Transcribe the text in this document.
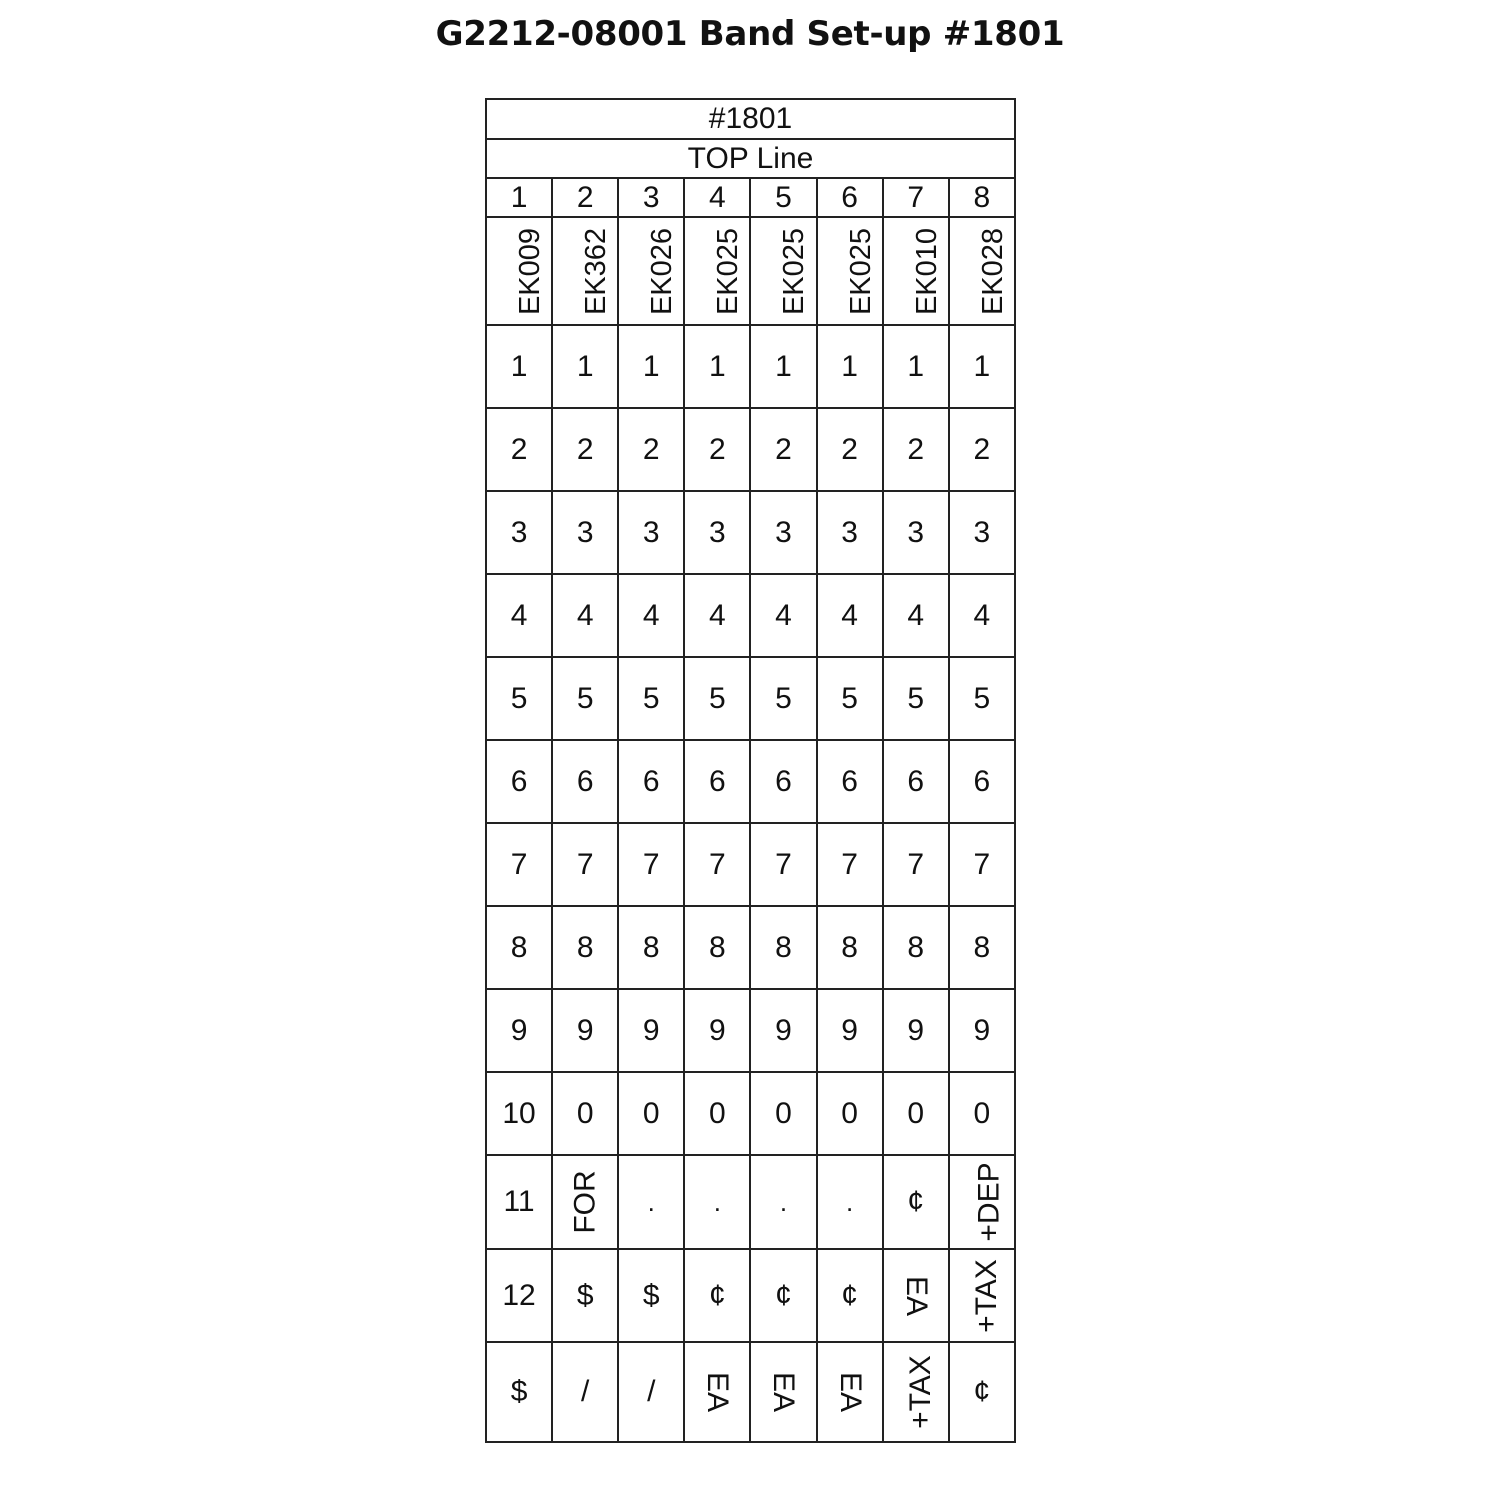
G2212-08001 Band Set-up #1801
#1801							
TOP Line							
1	2	3	4	5	6	7	8
EK009	EK362	EK026	EK025	EK025	EK025	EK010	EK028
1	1	1	1	1	1	1	1
2	2	2	2	2	2	2	2
3	3	3	3	3	3	3	3
4	4	4	4	4	4	4	4
5	5	5	5	5	5	5	5
6	6	6	6	6	6	6	6
7	7	7	7	7	7	7	7
8	8	8	8	8	8	8	8
9	9	9	9	9	9	9	9
10	0	0	0	0	0	0	0
11	FOR	.	.	.	.	¢	+DEP
12	$	$	¢	¢	¢	EA	+TAX
$	/	/	EA	EA	EA	+TAX	¢
